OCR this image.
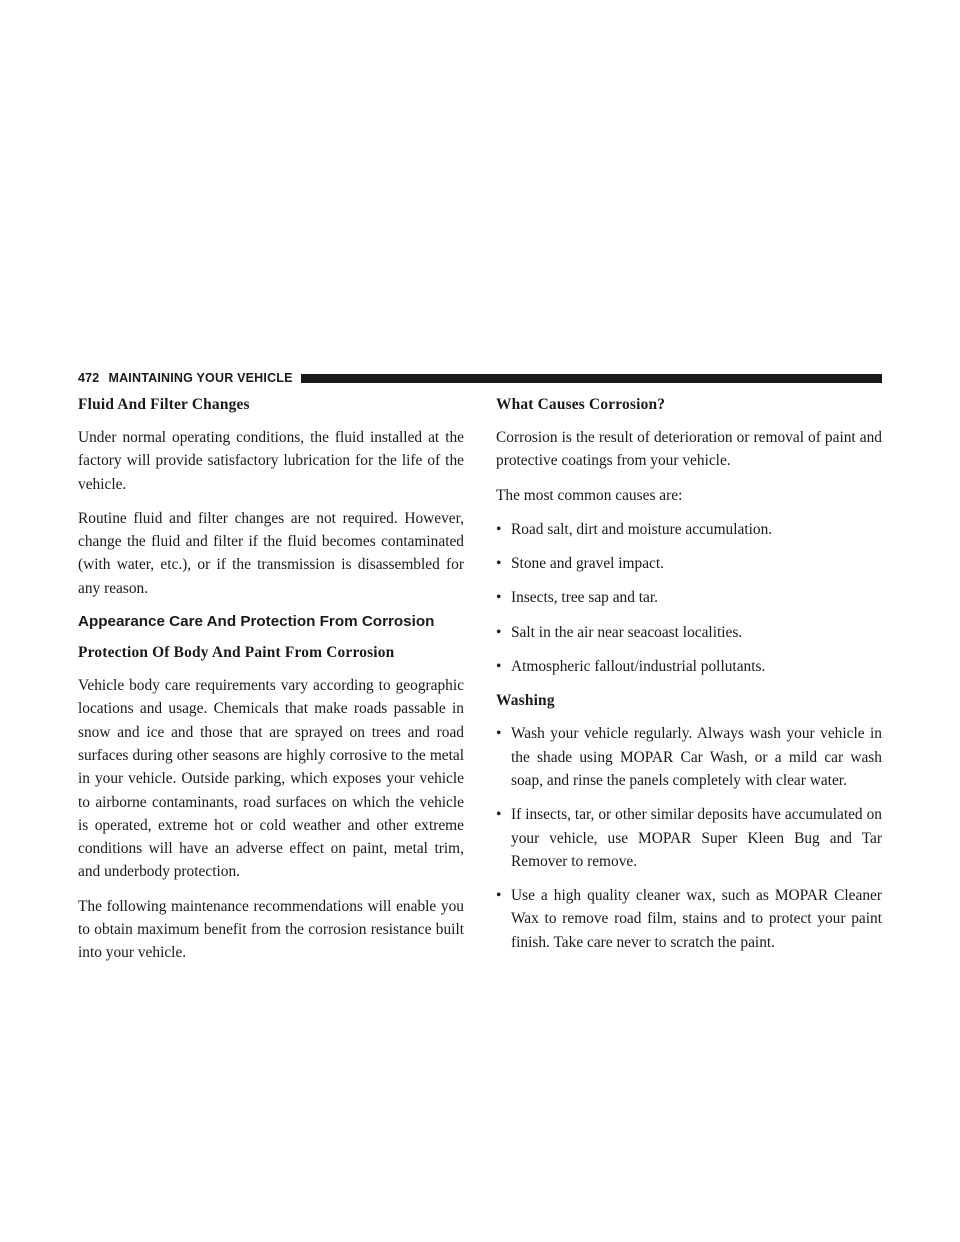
472 MAINTAINING YOUR VEHICLE
Fluid And Filter Changes

Under normal operating conditions, the fluid installed at the factory will provide satisfactory lubrication for the life of the vehicle.

Routine fluid and filter changes are not required. However, change the fluid and filter if the fluid becomes contaminated (with water, etc.), or if the transmission is disassembled for any reason.

Appearance Care And Protection From Corrosion
Protection Of Body And Paint From Corrosion

Vehicle body care requirements vary according to geographic locations and usage. Chemicals that make roads passable in snow and ice and those that are sprayed on trees and road surfaces during other seasons are highly corrosive to the metal in your vehicle. Outside parking, which exposes your vehicle to airborne contaminants, road surfaces on which the vehicle is operated, extreme hot or cold weather and other extreme conditions will have an adverse effect on paint, metal trim, and underbody protection.

The following maintenance recommendations will enable you to obtain maximum benefit from the corrosion resistance built into your vehicle.

What Causes Corrosion?

Corrosion is the result of deterioration or removal of paint and protective coatings from your vehicle.

The most common causes are:

• Road salt, dirt and moisture accumulation.
• Stone and gravel impact.
• Insects, tree sap and tar.
• Salt in the air near seacoast localities.
• Atmospheric fallout/industrial pollutants.
Washing
• Wash your vehicle regularly. Always wash your vehicle in the shade using MOPAR Car Wash, or a mild car wash soap, and rinse the panels completely with clear water.
• If insects, tar, or other similar deposits have accumulated on your vehicle, use MOPAR Super Kleen Bug and Tar Remover to remove.
• Use a high quality cleaner wax, such as MOPAR Cleaner Wax to remove road film, stains and to protect your paint finish. Take care never to scratch the paint.
